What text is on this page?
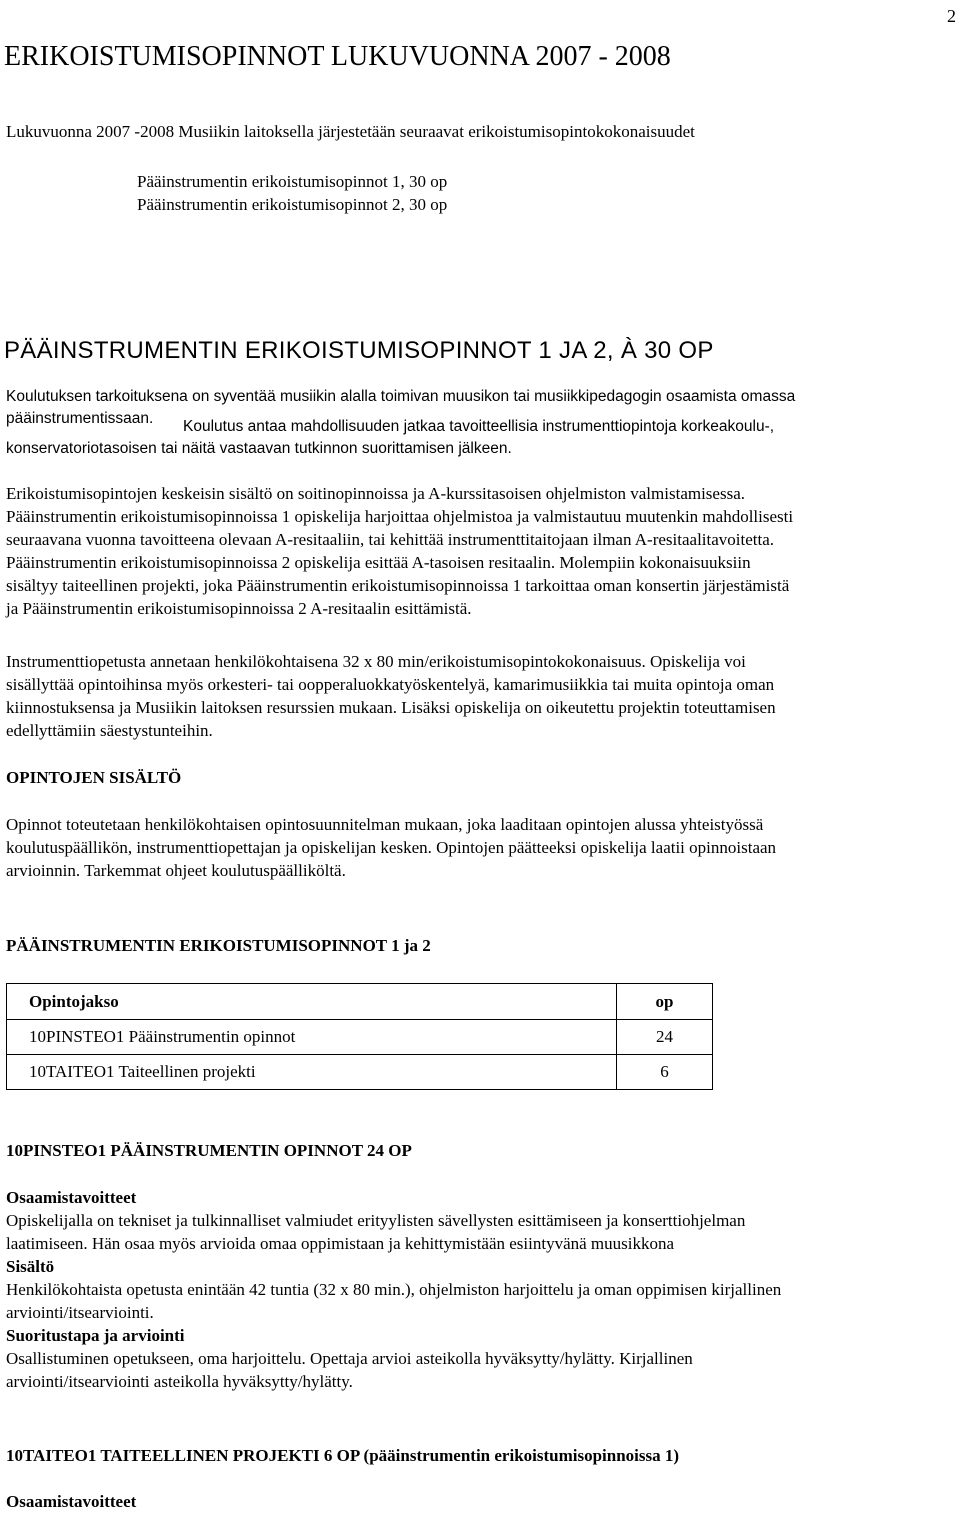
2
ERIKOISTUMISOPINNOT LUKUVUONNA 2007 - 2008

Lukuvuonna 2007 -2008 Musiikin laitoksella järjestetään seuraavat erikoistumisopintokokonaisuudet

Pääinstrumentin erikoistumisopinnot 1, 30 op

Pääinstrumentin erikoistumisopinnot 2, 30 op

PÄÄINSTRUMENTIN ERIKOISTUMISOPINNOT 1 JA 2, À 30 OP

Koulutuksen tarkoituksena on syventää musiikin alalla toimivan muusikon tai musiikkipedagogin osaamista omassa

pääinstrumentissaan.	Koulutus antaa mahdollisuuden jatkaa tavoitteellisia instrumenttiopintoja korkeakoulu-,

konservatoriotasoisen tai näitä vastaavan tutkinnon suorittamisen jälkeen.

Erikoistumisopintojen keskeisin sisältö on soitinopinnoissa ja A-kurssitasoisen ohjelmiston valmistamisessa.

Pääinstrumentin erikoistumisopinnoissa 1 opiskelija harjoittaa ohjelmistoa ja valmistautuu muutenkin mahdollisesti

seuraavana vuonna tavoitteena olevaan A-resitaaliin, tai kehittää instrumenttitaitojaan ilman A-resitaalitavoitetta.

Pääinstrumentin erikoistumisopinnoissa 2 opiskelija esittää A-tasoisen resitaalin. Molempiin kokonaisuuksiin

sisältyy taiteellinen projekti, joka Pääinstrumentin erikoistumisopinnoissa 1 tarkoittaa oman konsertin järjestämistä

ja Pääinstrumentin erikoistumisopinnoissa 2 A-resitaalin esittämistä.

Instrumenttiopetusta annetaan henkilökohtaisena 32 x 80 min/erikoistumisopintokokonaisuus. Opiskelija voi

sisällyttää opintoihinsa myös orkesteri- tai oopperaluokkatyöskentelyä, kamarimusiikkia tai muita opintoja oman

kiinnostuksensa ja Musiikin laitoksen resurssien mukaan. Lisäksi opiskelija on oikeutettu projektin toteuttamisen

edellyttämiin säestystunteihin.

OPINTOJEN SISÄLTÖ

Opinnot toteutetaan henkilökohtaisen opintosuunnitelman mukaan, joka laaditaan opintojen alussa yhteistyössä

koulutuspäällikön, instrumenttiopettajan ja opiskelijan kesken. Opintojen päätteeksi opiskelija laatii opinnoistaan

arvioinnin. Tarkemmat ohjeet koulutuspäälliköltä.

PÄÄINSTRUMENTIN ERIKOISTUMISOPINNOT 1 ja 2
Opintojakso	op
10PINSTEO1 Pääinstrumentin opinnot	24
10TAITEO1 Taiteellinen projekti	6
10PINSTEO1 PÄÄINSTRUMENTIN OPINNOT 24 OP

Osaamistavoitteet

Opiskelijalla on tekniset ja tulkinnalliset valmiudet erityylisten sävellysten esittämiseen ja konserttiohjelman

laatimiseen. Hän osaa myös arvioida omaa oppimistaan ja kehittymistään esiintyvänä muusikkona

Sisältö

Henkilökohtaista opetusta enintään 42 tuntia (32 x 80 min.), ohjelmiston harjoittelu ja oman oppimisen kirjallinen

arviointi/itsearviointi.

Suoritustapa ja arviointi

Osallistuminen opetukseen, oma harjoittelu. Opettaja arvioi asteikolla hyväksytty/hylätty. Kirjallinen

arviointi/itsearviointi asteikolla hyväksytty/hylätty.

10TAITEO1 TAITEELLINEN PROJEKTI 6 OP (pääinstrumentin erikoistumisopinnoissa 1)

Osaamistavoitteet
